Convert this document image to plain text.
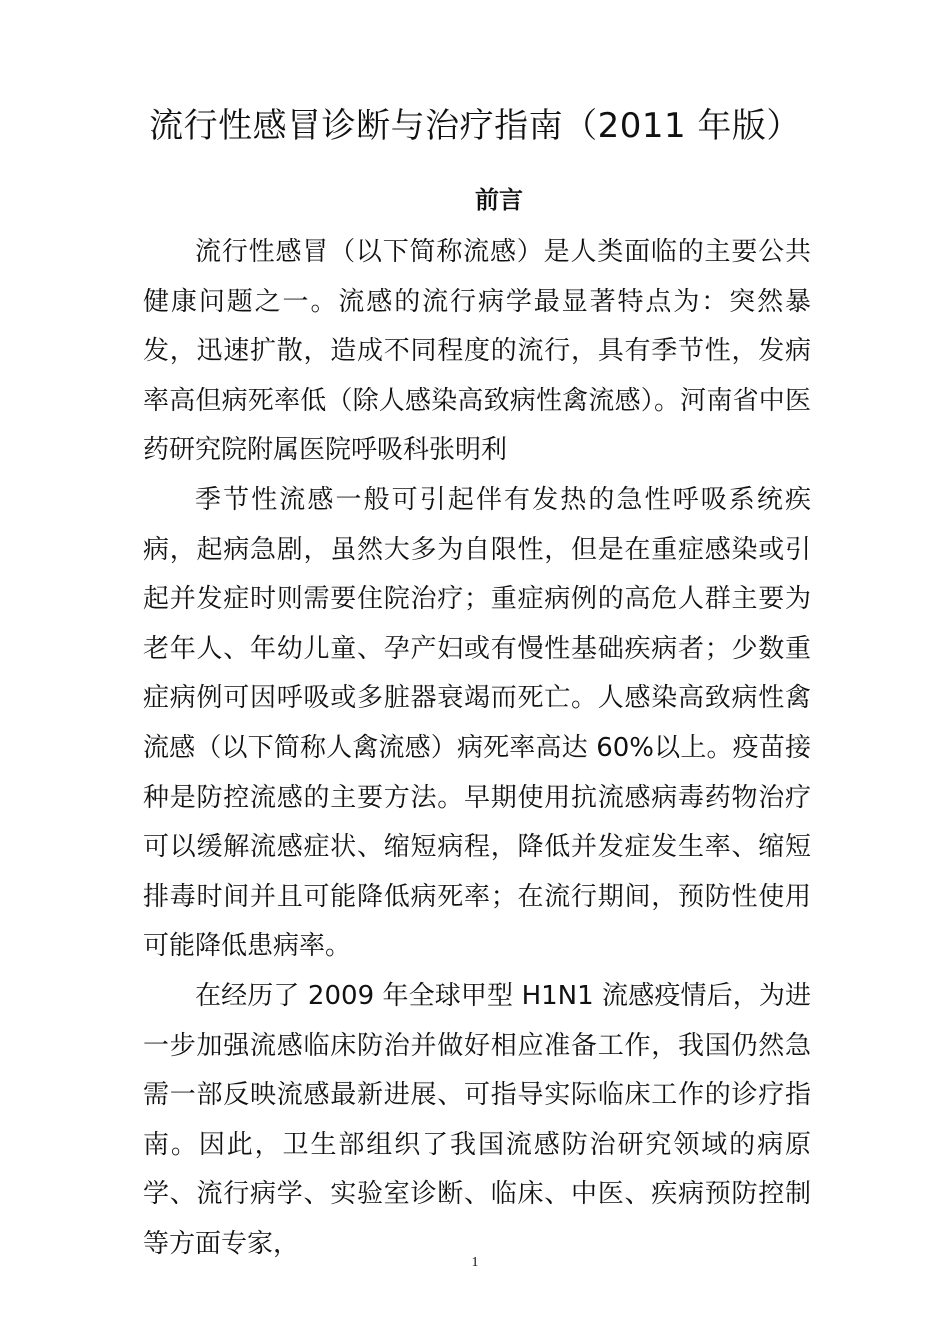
流行性感冒诊断与治疗指南（2011 年版）
前言

流行性感冒（以下简称流感）是人类面临的主要公共健康问题之一。流感的流行病学最显著特点为：突然暴发，迅速扩散，造成不同程度的流行，具有季节性，发病率高但病死率低（除人感染高致病性禽流感）。河南省中医药研究院附属医院呼吸科张明利

季节性流感一般可引起伴有发热的急性呼吸系统疾病，起病急剧，虽然大多为自限性，但是在重症感染或引起并发症时则需要住院治疗；重症病例的高危人群主要为老年人、年幼儿童、孕产妇或有慢性基础疾病者；少数重症病例可因呼吸或多脏器衰竭而死亡。人感染高致病性禽流感（以下简称人禽流感）病死率高达 60%以上。疫苗接种是防控流感的主要方法。早期使用抗流感病毒药物治疗可以缓解流感症状、缩短病程，降低并发症发生率、缩短排毒时间并且可能降低病死率；在流行期间，预防性使用可能降低患病率。

在经历了 2009 年全球甲型 H1N1 流感疫情后，为进一步加强流感临床防治并做好相应准备工作，我国仍然急需一部反映流感最新进展、可指导实际临床工作的诊疗指南。因此，卫生部组织了我国流感防治研究领域的病原学、流行病学、实验室诊断、临床、中医、疾病预防控制等方面专家，

1
